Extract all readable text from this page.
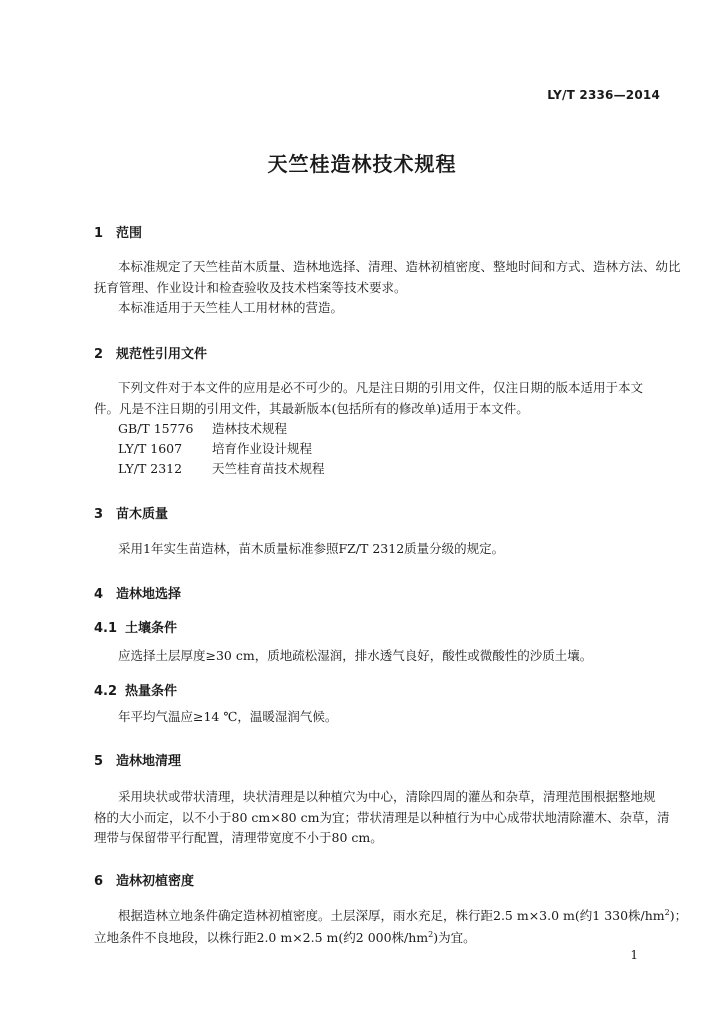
LY/T 2336—2014
天竺桂造林技术规程
1 范围
本标准规定了天竺桂苗木质量、造林地选择、清理、造林初植密度、整地时间和方式、造林方法、幼比
抚育管理、作业设计和检查验收及技术档案等技术要求。
本标准适用于天竺桂人工用材林的营造。
2 规范性引用文件
下列文件对于本文件的应用是必不可少的。凡是注日期的引用文件，仅注日期的版本适用于本文
件。凡是不注日期的引用文件，其最新版本(包括所有的修改单)适用于本文件。
GB/T 15776 造林技术规程
LY/T 1607 培育作业设计规程
LY/T 2312 天竺桂育苗技术规程
3 苗木质量
采用1年实生苗造林，苗木质量标准参照FZ/T 2312质量分级的规定。
4 造林地选择
4.1 土壤条件
应选择土层厚度≥30 cm，质地疏松湿润，排水透气良好，酸性或微酸性的沙质土壤。
4.2 热量条件
年平均气温应≥14 ℃，温暖湿润气候。
5 造林地清理
采用块状或带状清理，块状清理是以种植穴为中心，清除四周的灌丛和杂草，清理范围根据整地规
格的大小而定，以不小于80 cm×80 cm为宜；带状清理是以种植行为中心成带状地清除灌木、杂草，清
理带与保留带平行配置，清理带宽度不小于80 cm。
6 造林初植密度
根据造林立地条件确定造林初植密度。土层深厚，雨水充足，株行距2.5 m×3.0 m(约1 330株$/hm^2$)；
立地条件不良地段，以株行距2.0 m×2.5 m(约2 000株$/hm^2$)为宜。
1
